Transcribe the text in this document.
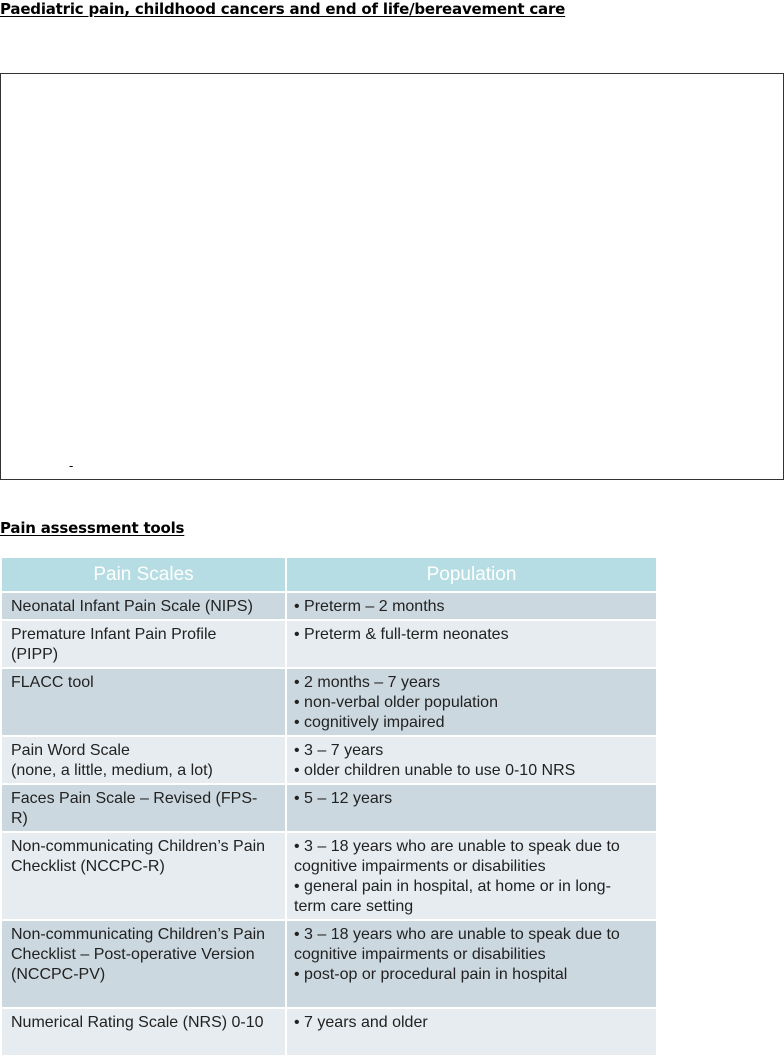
Paediatric pain, childhood cancers and end of life/bereavement care
-
Pain assessment tools
Pain Scales	Population

Neonatal Infant Pain Scale (NIPS)	• Preterm – 2 months

Premature Infant Pain Profile
(PIPP)	• Preterm & full-term neonates

FLACC tool	• 2 months – 7 years
• non-verbal older population
• cognitively impaired

Pain Word Scale
(none, a little, medium, a lot)	• 3 – 7 years
• older children unable to use 0-10 NRS

Faces Pain Scale – Revised (FPS-
R)	• 5 – 12 years

Non-communicating Children’s Pain
Checklist (NCCPC-R)	• 3 – 18 years who are unable to speak due to
cognitive impairments or disabilities
• general pain in hospital, at home or in long-
term care setting

Non-communicating Children’s Pain
Checklist – Post-operative Version
(NCCPC-PV)	• 3 – 18 years who are unable to speak due to
cognitive impairments or disabilities
• post-op or procedural pain in hospital

Numerical Rating Scale (NRS) 0-10	• 7 years and older
